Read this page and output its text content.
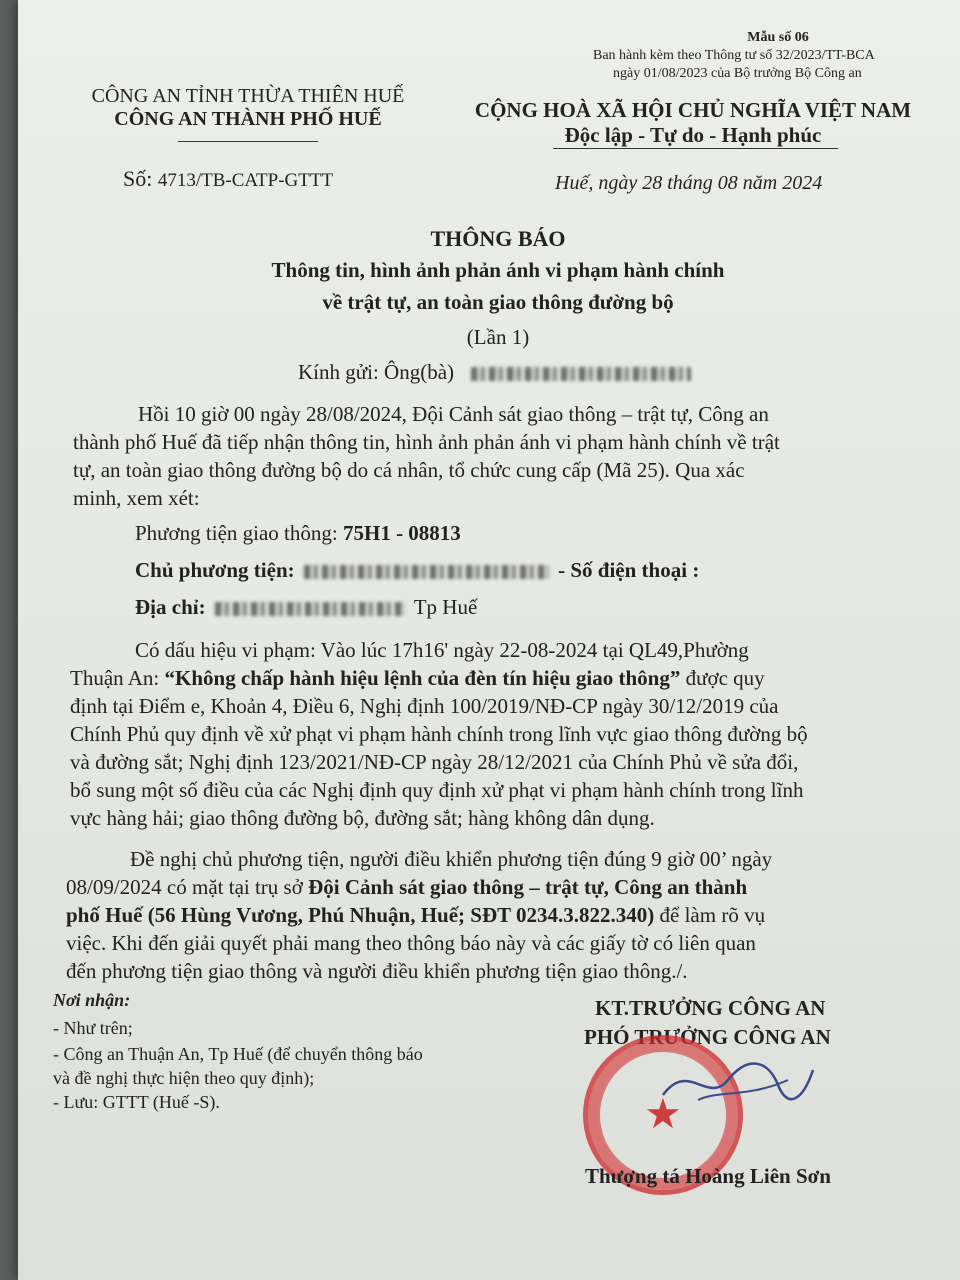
Mẫu số 06
Ban hành kèm theo Thông tư số 32/2023/TT-BCA
ngày 01/08/2023 của Bộ trưởng Bộ Công an
CÔNG AN TỈNH THỪA THIÊN HUẾ
CÔNG AN THÀNH PHỐ HUẾ	CỘNG HOÀ XÃ HỘI CHỦ NGHĨA VIỆT NAM
Độc lập - Tự do - Hạnh phúc
Số: 4713/TB-CATP-GTTT	Huế, ngày 28 tháng 08 năm 2024
THÔNG BÁO
Thông tin, hình ảnh phản ánh vi phạm hành chính
về trật tự, an toàn giao thông đường bộ
(Lần 1)
Kính gửi: Ông(bà)
Hồi 10 giờ 00 ngày 28/08/2024, Đội Cảnh sát giao thông – trật tự, Công an
thành phố Huế đã tiếp nhận thông tin, hình ảnh phản ánh vi phạm hành chính về trật
tự, an toàn giao thông đường bộ do cá nhân, tổ chức cung cấp (Mã 25). Qua xác
minh, xem xét:
Phương tiện giao thông: 75H1 - 08813
Chủ phương tiện:	- Số điện thoại :
Địa chỉ:	Tp Huế
Có dấu hiệu vi phạm: Vào lúc 17h16' ngày 22-08-2024 tại QL49,Phường
Thuận An: “Không chấp hành hiệu lệnh của đèn tín hiệu giao thông” được quy
định tại Điểm e, Khoản 4, Điều 6, Nghị định 100/2019/NĐ-CP ngày 30/12/2019 của
Chính Phủ quy định về xử phạt vi phạm hành chính trong lĩnh vực giao thông đường bộ
và đường sắt; Nghị định 123/2021/NĐ-CP ngày 28/12/2021 của Chính Phủ về sửa đổi,
bổ sung một số điều của các Nghị định quy định xử phạt vi phạm hành chính trong lĩnh
vực hàng hải; giao thông đường bộ, đường sắt; hàng không dân dụng.
Đề nghị chủ phương tiện, người điều khiển phương tiện đúng 9 giờ 00’ ngày
08/09/2024 có mặt tại trụ sở Đội Cảnh sát giao thông – trật tự, Công an thành
phố Huế (56 Hùng Vương, Phú Nhuận, Huế; SĐT 0234.3.822.340) để làm rõ vụ
việc. Khi đến giải quyết phải mang theo thông báo này và các giấy tờ có liên quan
đến phương tiện giao thông và người điều khiển phương tiện giao thông./.
Nơi nhận:
- Như trên;
- Công an Thuận An, Tp Huế (để chuyển thông báo
và đề nghị thực hiện theo quy định);
- Lưu: GTTT (Huế -S).
KT.TRƯỞNG CÔNG AN
PHÓ TRƯỞNG CÔNG AN
★
Thượng tá Hoàng Liên Sơn
